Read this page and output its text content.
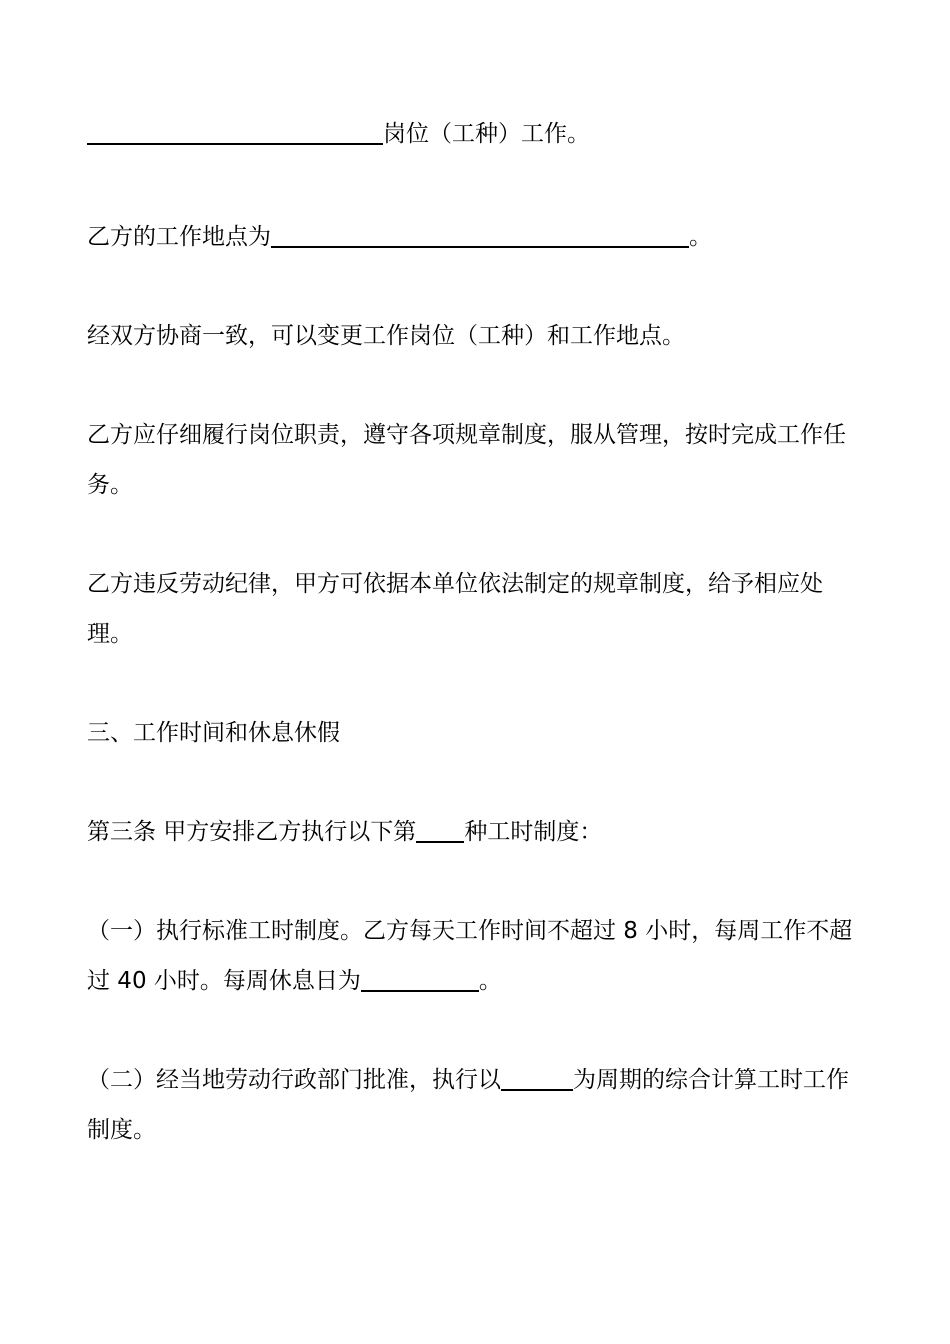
岗位（工种）工作。

乙方的工作地点为	。

经双方协商一致，可以变更工作岗位（工种）和工作地点。

乙方应仔细履行岗位职责，遵守各项规章制度，服从管理，按时完成工作任务。

乙方违反劳动纪律，甲方可依据本单位依法制定的规章制度，给予相应处理。

三、工作时间和休息休假

第三条 甲方安排乙方执行以下第 种工时制度：

（一）执行标准工时制度。乙方每天工作时间不超过 8 小时，每周工作不超过 40 小时。每周休息日为	。

（二）经当地劳动行政部门批准，执行以	为周期的综合计算工时工作制度。
